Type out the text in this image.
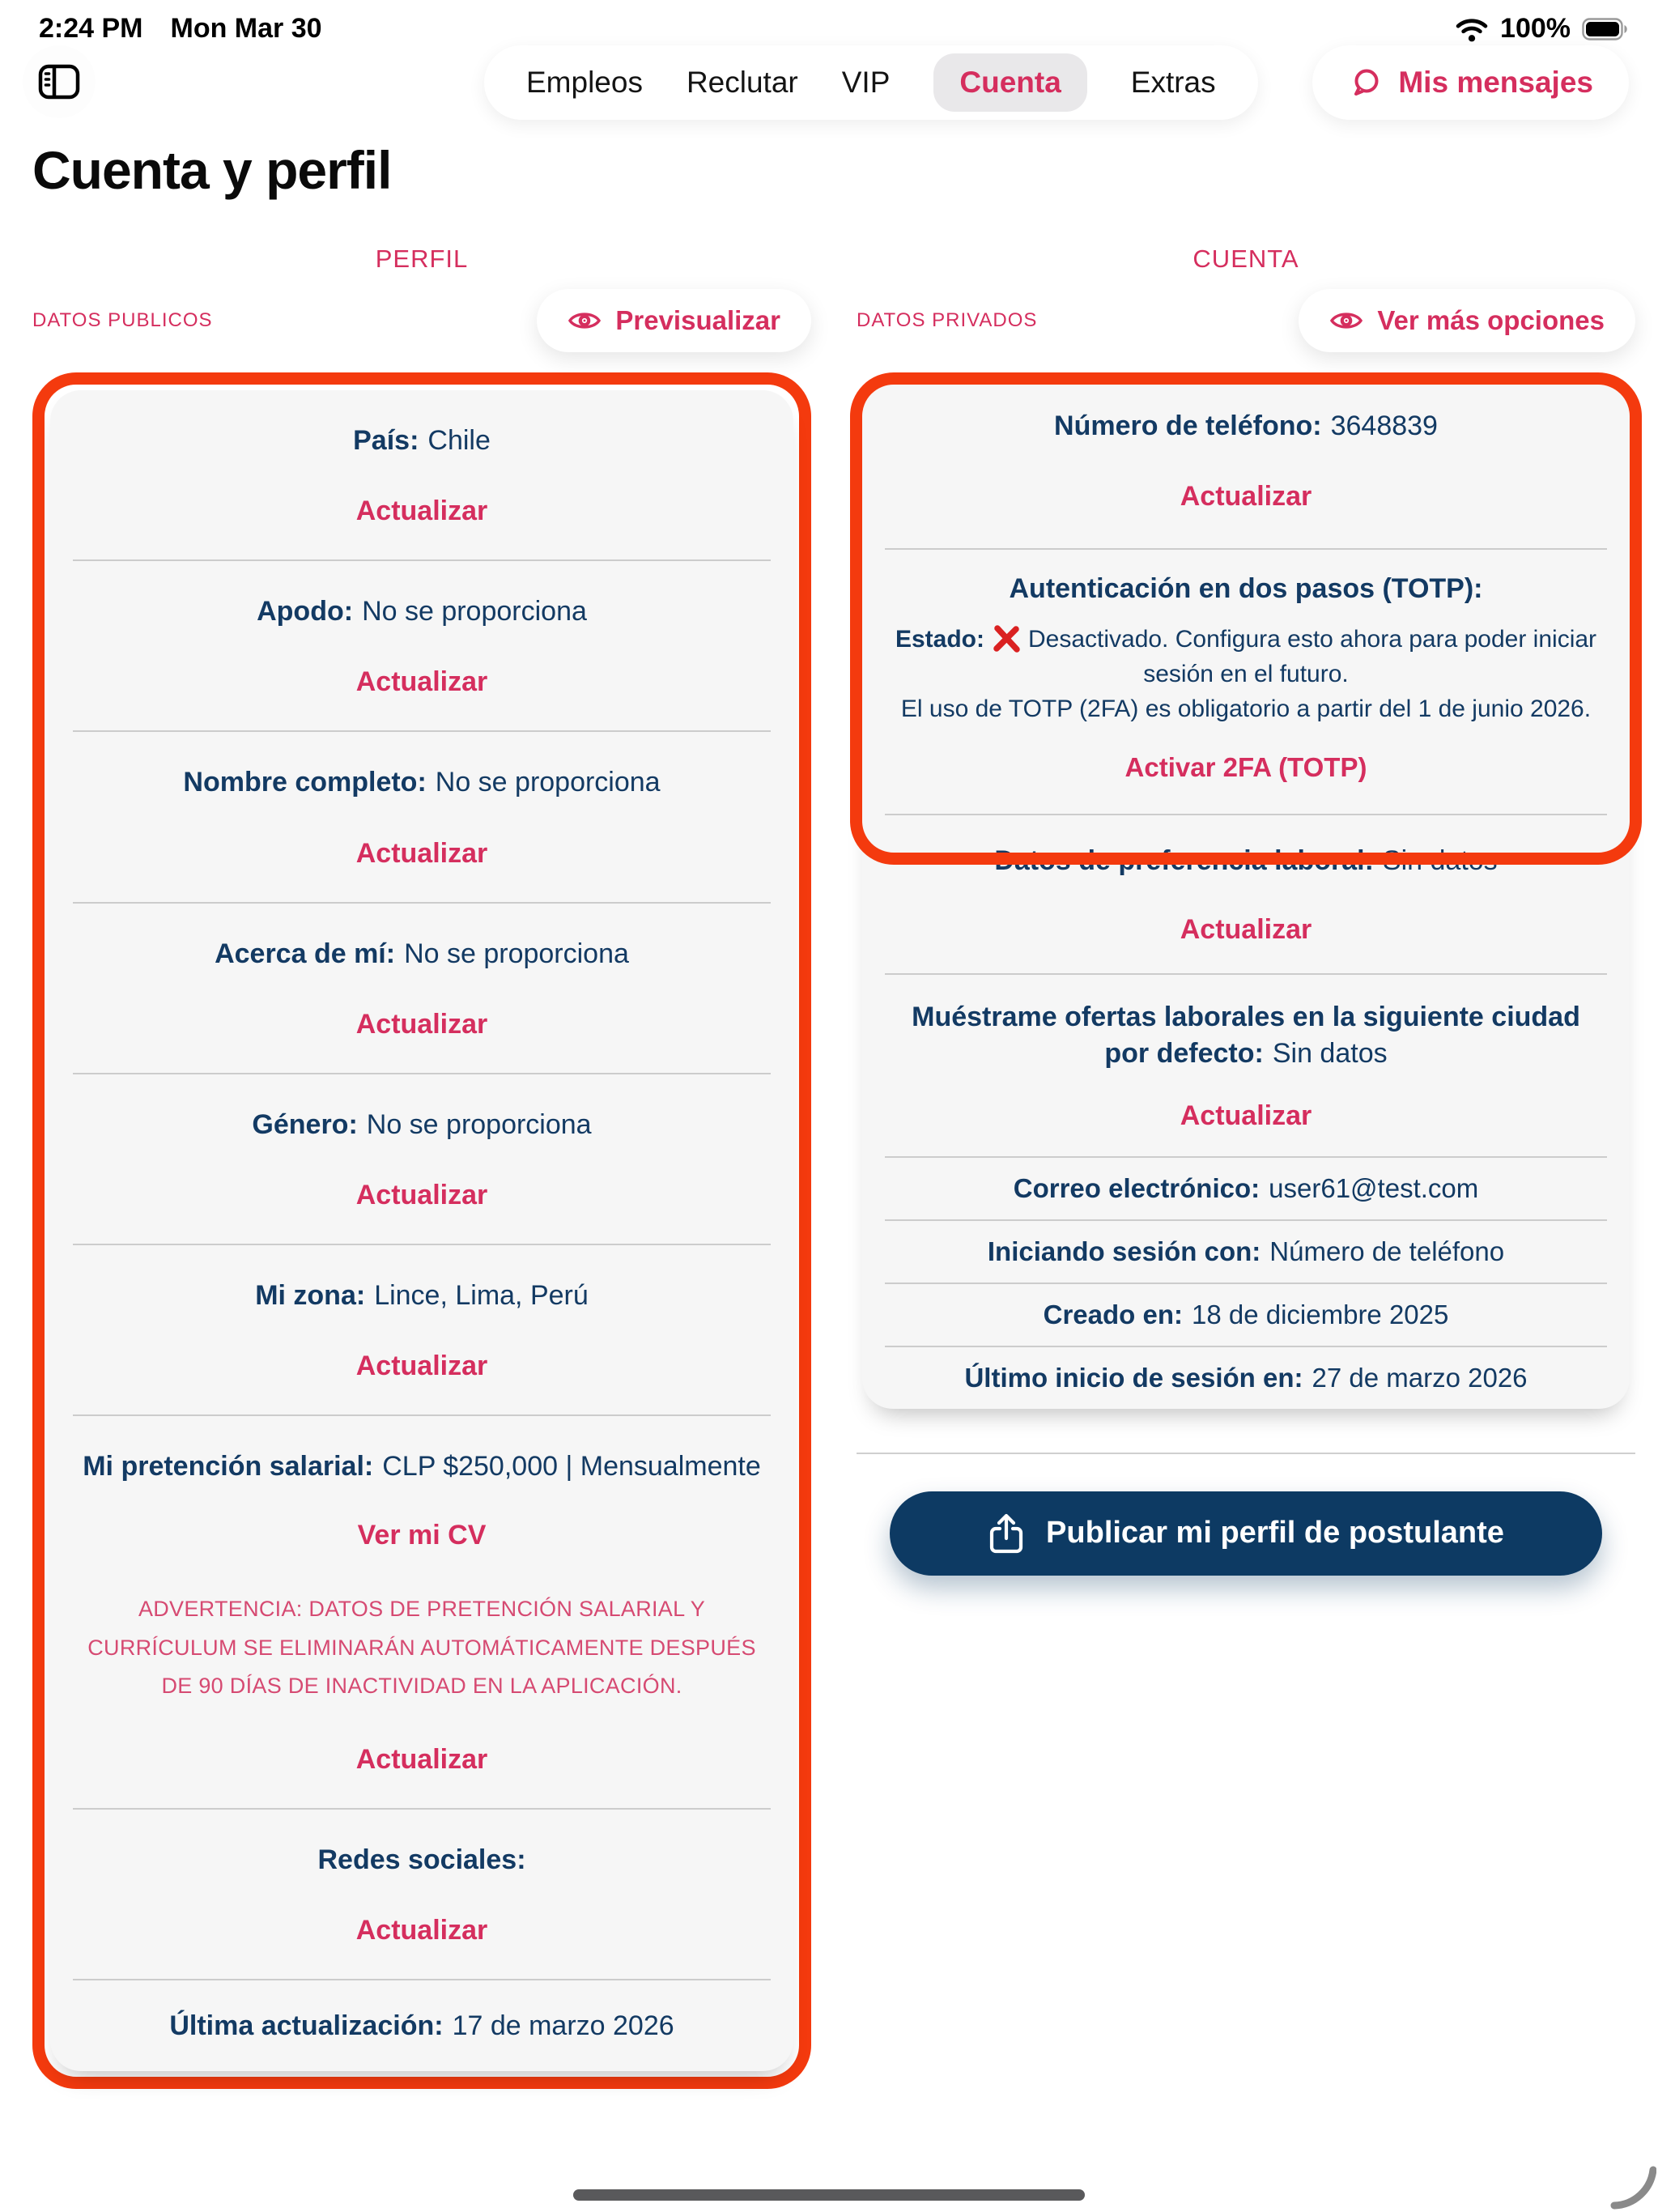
2:24 PM Mon Mar 30	100%
Empleos Reclutar VIP	Cuenta	Extras	Mis mensajes
Cuenta y perfil
PERFIL
DATOS PUBLICOS	Previsualizar
País: Chile
Actualizar
Apodo: No se proporciona
Actualizar
Nombre completo: No se proporciona
Actualizar
Acerca de mí: No se proporciona
Actualizar
Género: No se proporciona
Actualizar
Mi zona: Lince, Lima, Perú
Actualizar
Mi pretención salarial: CLP $250,000 | Mensualmente
Ver mi CV
ADVERTENCIA: DATOS DE PRETENCIÓN SALARIAL Y CURRÍCULUM SE ELIMINARÁN AUTOMÁTICAMENTE DESPUÉS DE 90 DÍAS DE INACTIVIDAD EN LA APLICACIÓN.
Actualizar
Redes sociales:
Actualizar
Última actualización: 17 de marzo 2026
CUENTA
DATOS PRIVADOS	Ver más opciones
Número de teléfono: 3648839
Actualizar
Autenticación en dos pasos (TOTP):
Estado: Desactivado. Configura esto ahora para poder iniciar sesión en el futuro.
El uso de TOTP (2FA) es obligatorio a partir del 1 de junio 2026.
Activar 2FA (TOTP)
Datos de preferencia laboral: Sin datos
Actualizar
Muéstrame ofertas laborales en la siguiente ciudad por defecto: Sin datos
Actualizar
Correo electrónico: user61@test.com
Iniciando sesión con: Número de teléfono
Creado en: 18 de diciembre 2025
Último inicio de sesión en: 27 de marzo 2026
Publicar mi perfil de postulante
